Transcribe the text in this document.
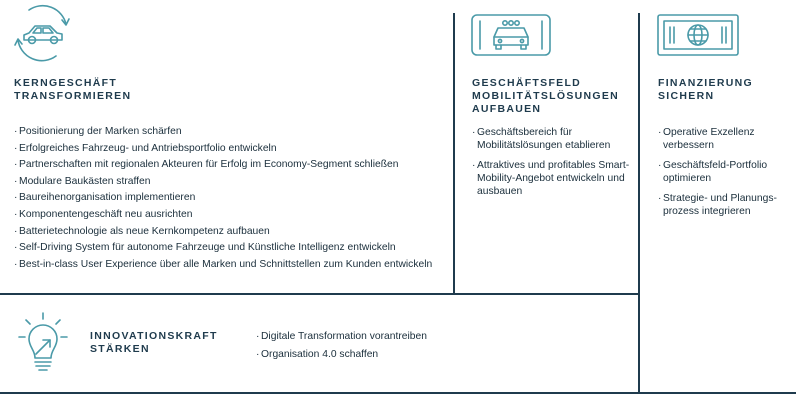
KERNGESCHÄFT
TRANSFORMIEREN
· Positionierung der Marken schärfen
· Erfolgreiches Fahrzeug- und Antriebsportfolio entwickeln
· Partnerschaften mit regionalen Akteuren für Erfolg im Economy-Segment schließen
· Modulare Baukästen straffen
· Baureihenorganisation implementieren
· Komponentengeschäft neu ausrichten
· Batterietechnologie als neue Kernkompetenz aufbauen
· Self-Driving System für autonome Fahrzeuge und Künstliche Intelligenz entwickeln
· Best-in-class User Experience über alle Marken und Schnittstellen zum Kunden entwickeln
GESCHÄFTSFELD
MOBILITÄTSLÖSUNGEN
AUFBAUEN
· Geschäftsbereich für Mobilitätslösungen etablieren
· Attraktives und profitables Smart-Mobility-Angebot entwickeln und ausbauen
FINANZIERUNG
SICHERN
· Operative Exzellenz verbessern
· Geschäftsfeld-Portfolio optimieren
· Strategie- und Planungs-prozess integrieren
INNOVATIONSKRAFT
STÄRKEN
· Digitale Transformation vorantreiben
· Organisation 4.0 schaffen
